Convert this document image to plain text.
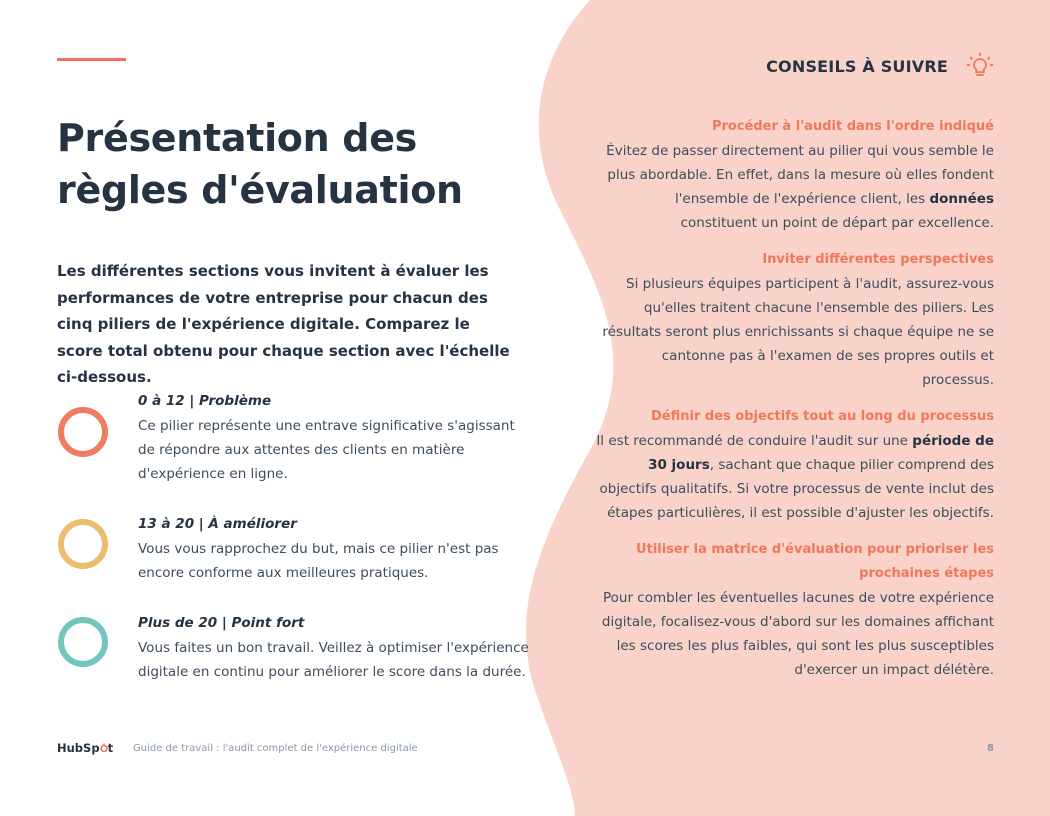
Présentation des règles d'évaluation

Les différentes sections vous invitent à évaluer les performances de votre entreprise pour chacun des cinq piliers de l'expérience digitale. Comparez le score total obtenu pour chaque section avec l'échelle ci-dessous.

0 à 12 | Problème
Ce pilier représente une entrave significative s'agissant de répondre aux attentes des clients en matière d'expérience en ligne.
13 à 20 | À améliorer
Vous vous rapprochez du but, mais ce pilier n'est pas encore conforme aux meilleures pratiques.
Plus de 20 | Point fort
Vous faites un bon travail. Veillez à optimiser l'expérience digitale en continu pour améliorer le score dans la durée.
CONSEILS À SUIVRE
Procéder à l'audit dans l'ordre indiqué
Évitez de passer directement au pilier qui vous semble le plus abordable. En effet, dans la mesure où elles fondent l'ensemble de l'expérience client, les données constituent un point de départ par excellence.
Inviter différentes perspectives
Si plusieurs équipes participent à l'audit, assurez-vous qu'elles traitent chacune l'ensemble des piliers. Les résultats seront plus enrichissants si chaque équipe ne se cantonne pas à l'examen de ses propres outils et processus.
Définir des objectifs tout au long du processus
Il est recommandé de conduire l'audit sur une période de 30 jours, sachant que chaque pilier comprend des objectifs qualitatifs. Si votre processus de vente inclut des étapes particulières, il est possible d'ajuster les objectifs.
Utiliser la matrice d'évaluation pour prioriser les prochaines étapes
Pour combler les éventuelles lacunes de votre expérience digitale, focalisez-vous d'abord sur les domaines affichant les scores les plus faibles, qui sont les plus susceptibles d'exercer un impact délétère.
HubSp t Guide de travail : l'audit complet de l'expérience digitale	8
